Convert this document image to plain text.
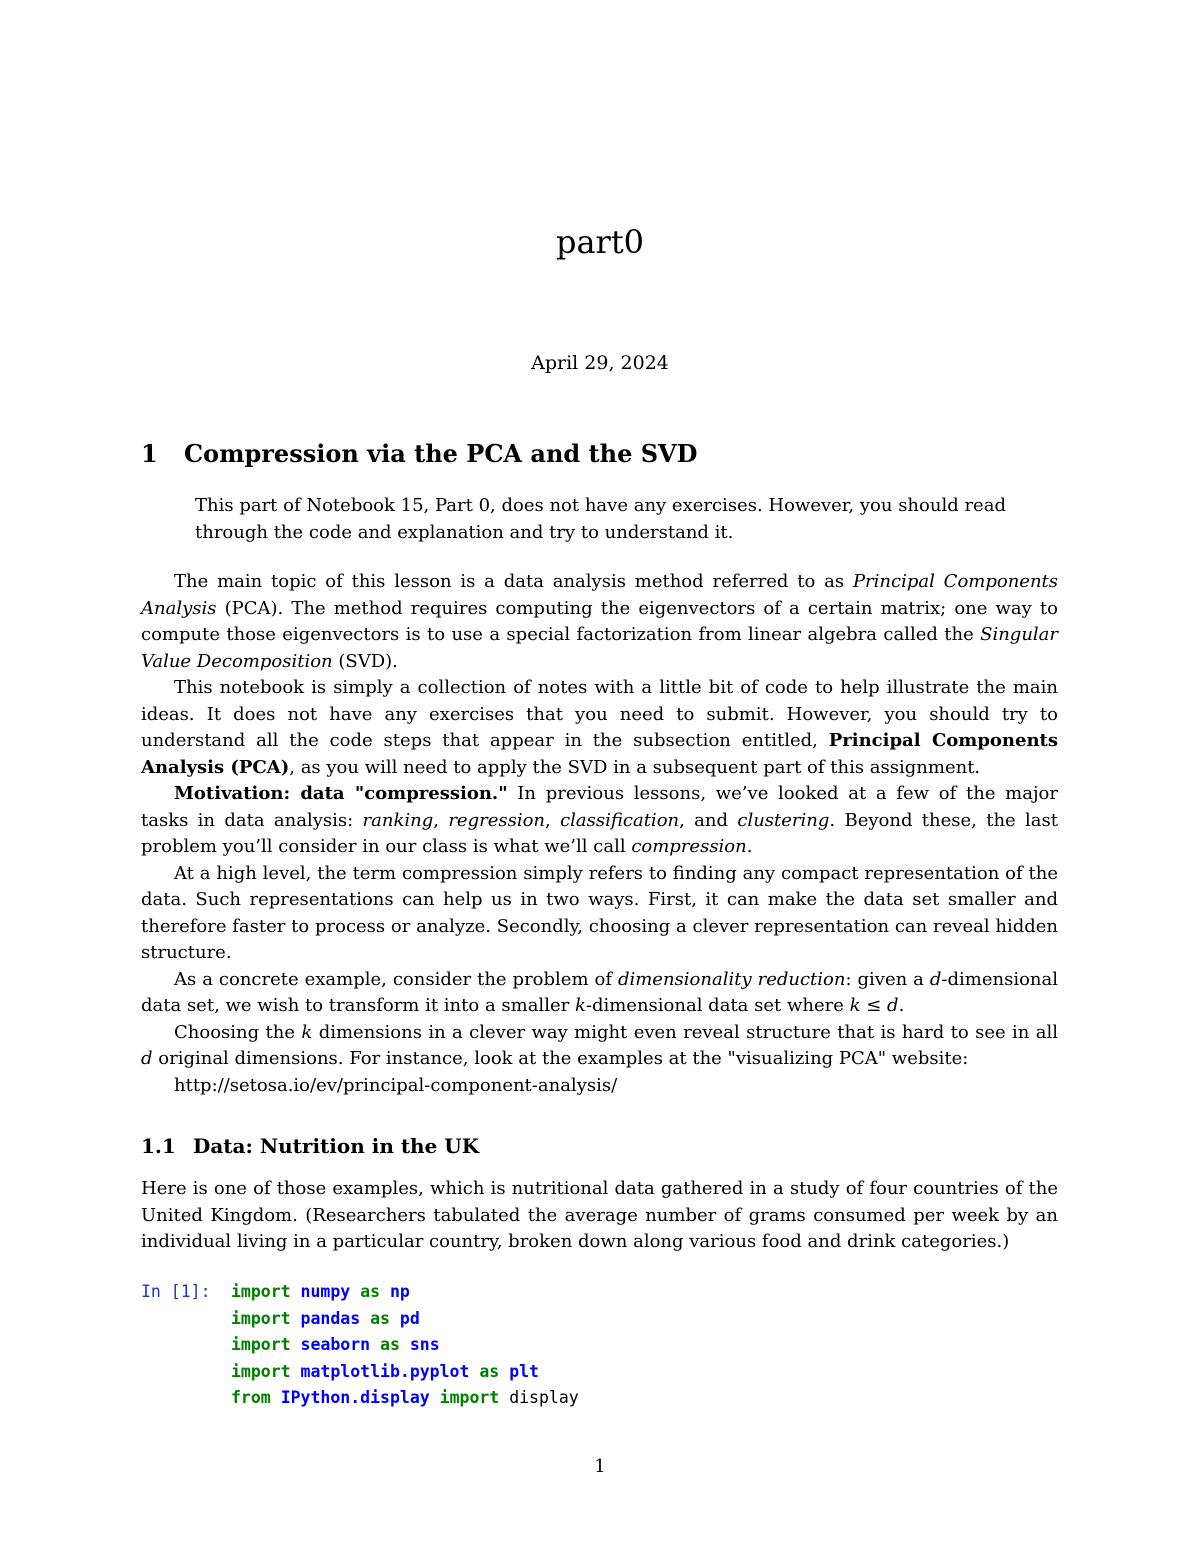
part0
April 29, 2024
1 Compression via the PCA and the SVD

This part of Notebook 15, Part 0, does not have any exercises. However, you should read through the code and explanation and try to understand it.

The main topic of this lesson is a data analysis method referred to as Principal Components Analysis (PCA). The method requires computing the eigenvectors of a certain matrix; one way to compute those eigenvectors is to use a special factorization from linear algebra called the Singular Value Decomposition (SVD).

This notebook is simply a collection of notes with a little bit of code to help illustrate the main ideas. It does not have any exercises that you need to submit. However, you should try to understand all the code steps that appear in the subsection entitled, Principal Components Analysis (PCA), as you will need to apply the SVD in a subsequent part of this assignment.

Motivation: data "compression." In previous lessons, we’ve looked at a few of the major tasks in data analysis: ranking, regression, classification, and clustering. Beyond these, the last problem you’ll consider in our class is what we’ll call compression.

At a high level, the term compression simply refers to finding any compact representation of the data. Such representations can help us in two ways. First, it can make the data set smaller and therefore faster to process or analyze. Secondly, choosing a clever representation can reveal hidden structure.

As a concrete example, consider the problem of dimensionality reduction: given a d-dimensional data set, we wish to transform it into a smaller k-dimensional data set where k ≤ d.

Choosing the k dimensions in a clever way might even reveal structure that is hard to see in all d original dimensions. For instance, look at the examples at the "visualizing PCA" website:

http://setosa.io/ev/principal-component-analysis/

1.1 Data: Nutrition in the UK

Here is one of those examples, which is nutritional data gathered in a study of four countries of the United Kingdom. (Researchers tabulated the average number of grams consumed per week by an individual living in a particular country, broken down along various food and drink categories.)

In [1]: import numpy as np
import pandas as pd
import seaborn as sns
import matplotlib.pyplot as plt
from IPython.display import display
1
